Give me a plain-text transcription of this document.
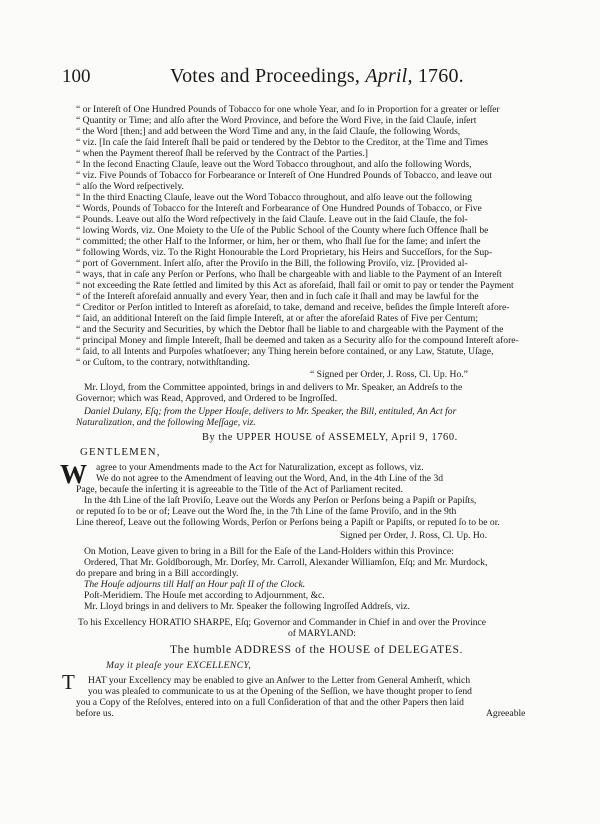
100	Votes and Proceedings, April, 1760.
“ or Intereſt of One Hundred Pounds of Tobacco for one whole Year, and ſo in Proportion for a greater or leſſer
“ Quantity or Time; and alſo after the Word Province, and before the Word Five, in the ſaid Clauſe, inſert
“ the Word [then;] and add between the Word Time and any, in the ſaid Clauſe, the following Words,
“ viz. [In caſe the ſaid Intereſt ſhall be paid or tendered by the Debtor to the Creditor, at the Time and Times
“ when the Payment thereof ſhall be reſerved by the Contract of the Parties.]
“ In the ſecond Enacting Clauſe, leave out the Word Tobacco throughout, and alſo the following Words,
“ viz. Five Pounds of Tobacco for Forbearance or Intereſt of One Hundred Pounds of Tobacco, and leave out
“ alſo the Word reſpectively.
“ In the third Enacting Clauſe, leave out the Word Tobacco throughout, and alſo leave out the following
“ Words, Pounds of Tobacco for the Intereſt and Forbearance of One Hundred Pounds of Tobacco, or Five
“ Pounds. Leave out alſo the Word reſpectively in the ſaid Clauſe. Leave out in the ſaid Clauſe, the fol-
“ lowing Words, viz. One Moiety to the Uſe of the Public School of the County where ſuch Offence ſhall be
“ committed; the other Half to the Informer, or him, her or them, who ſhall ſue for the ſame; and inſert the
“ following Words, viz. To the Right Honourable the Lord Proprietary, his Heirs and Succeſſors, for the Sup-
“ port of Government. Inſert alſo, after the Proviſo in the Bill, the following Proviſo, viz. [Provided al-
“ ways, that in caſe any Perſon or Perſons, who ſhall be chargeable with and liable to the Payment of an Intereſt
“ not exceeding the Rate ſettled and limited by this Act as aforeſaid, ſhall fail or omit to pay or tender the Payment
“ of the Intereſt aforeſaid annually and every Year, then and in ſuch caſe it ſhall and may be lawful for the
“ Creditor or Perſon intitled to Intereſt as aforeſaid, to take, demand and receive, beſides the ſimple Intereſt afore-
“ ſaid, an additional Intereſt on the ſaid ſimple Intereſt, at or after the aforeſaid Rates of Five per Centum;
“ and the Security and Securities, by which the Debtor ſhall be liable to and chargeable with the Payment of the
“ principal Money and ſimple Intereſt, ſhall be deemed and taken as a Security alſo for the compound Intereſt afore-
“ ſaid, to all Intents and Purpoſes whatſoever; any Thing herein before contained, or any Law, Statute, Uſage,
“ or Cuſtom, to the contrary, notwithſtanding.
“ Signed per Order, J. Ross, Cl. Up. Ho.”
Mr. Lloyd, from the Committee appointed, brings in and delivers to Mr. Speaker, an Addreſs to the
Governor; which was Read, Approved, and Ordered to be Ingroſſed.
Daniel Dulany, Eſq; from the Upper Houſe, delivers to Mr. Speaker, the Bill, entituled, An Act for
Naturalization, and the following Meſſage, viz.
By the UPPER HOUSE of ASSEMELY, April 9, 1760.
GENTLEMEN,
W agree to your Amendments made to the Act for Naturalization, except as follows, viz.
We do not agree to the Amendment of leaving out the Word, And, in the 4th Line of the 3d
Page, becauſe the inſerting it is agreeable to the Title of the Act of Parliament recited.
In the 4th Line of the laſt Proviſo, Leave out the Words any Perſon or Perſons being a Papiſt or Papiſts,
or reputed ſo to be or of; Leave out the Word ſhe, in the 7th Line of the ſame Proviſo, and in the 9th
Line thereof, Leave out the following Words, Perſon or Perſons being a Papiſt or Papiſts, or reputed ſo to be or.
Signed per Order, J. Ross, Cl. Up. Ho.
On Motion, Leave given to bring in a Bill for the Eaſe of the Land-Holders within this Province:
Ordered, That Mr. Goldſborough, Mr. Dorſey, Mr. Carroll, Alexander Williamſon, Eſq; and Mr. Murdock,
do prepare and bring in a Bill accordingly.
The Houſe adjourns till Half an Hour paſt II of the Clock.
Poſt-Meridiem. The Houſe met according to Adjournment, &c.
Mr. Lloyd brings in and delivers to Mr. Speaker the following Ingroſſed Addreſs, viz.
To his Excellency HORATIO SHARPE, Eſq; Governor and Commander in Chief in and over the Province
of MARYLAND:
The humble ADDRESS of the HOUSE of DELEGATES.
May it pleaſe your EXCELLENCY,
T HAT your Excellency may be enabled to give an Anſwer to the Letter from General Amherſt, which
you was pleaſed to communicate to us at the Opening of the Seſſion, we have thought proper to ſend
you a Copy of the Reſolves, entered into on a full Conſideration of that and the other Papers then laid
before us.	Agreeable
